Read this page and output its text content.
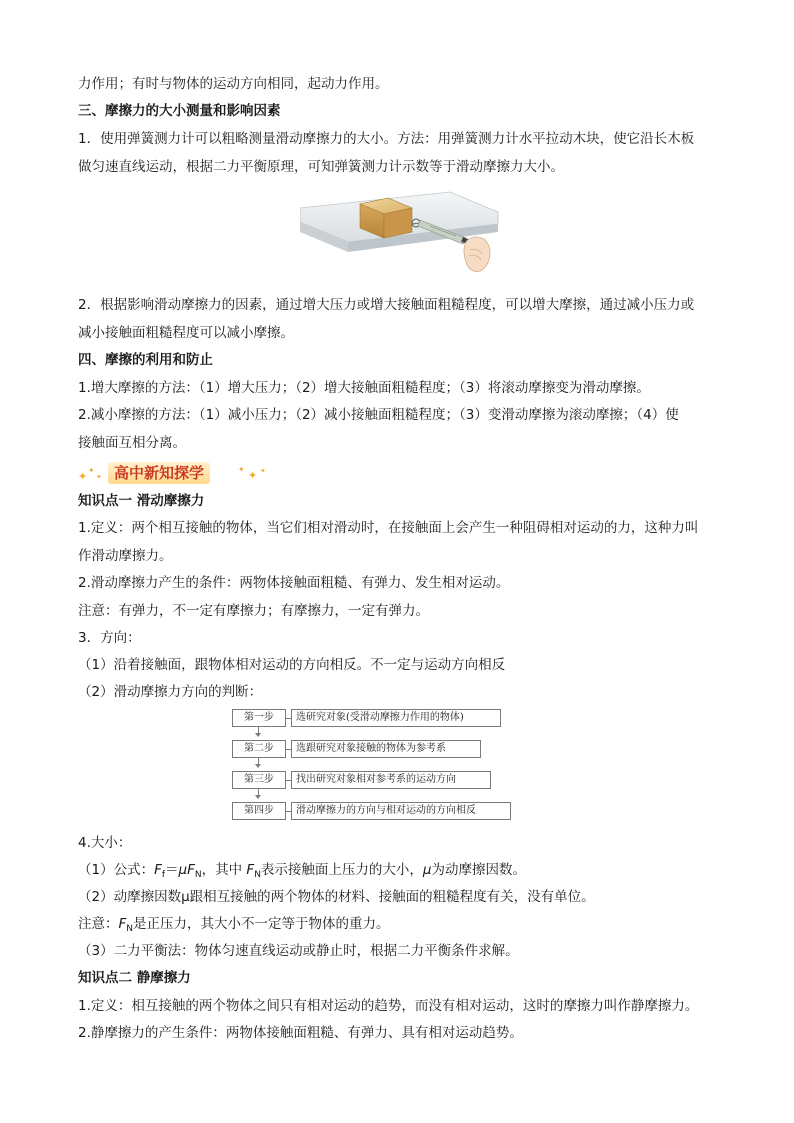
力作用；有时与物体的运动方向相同，起动力作用。
三、摩擦力的大小测量和影响因素
1．使用弹簧测力计可以粗略测量滑动摩擦力的大小。方法：用弹簧测力计水平拉动木块，使它沿长木板
做匀速直线运动，根据二力平衡原理，可知弹簧测力计示数等于滑动摩擦力大小。
2．根据影响滑动摩擦力的因素，通过增大压力或增大接触面粗糙程度，可以增大摩擦，通过减小压力或
减小接触面粗糙程度可以减小摩擦。
四、摩擦的利用和防止
1.增大摩擦的方法：（1）增大压力；（2）增大接触面粗糙程度；（3）将滚动摩擦变为滑动摩擦。
2.减小摩擦的方法：（1）减小压力；（2）减小接触面粗糙程度；（3）变滑动摩擦为滚动摩擦；（4）使
接触面互相分离。
✦ ✦
✦ 高中新知探学	✦ ✦ ✦
知识点一 滑动摩擦力
1.定义：两个相互接触的物体，当它们相对滑动时，在接触面上会产生一种阻碍相对运动的力，这种力叫
作滑动摩擦力。
2.滑动摩擦力产生的条件：两物体接触面粗糙、有弹力、发生相对运动。
注意：有弹力，不一定有摩擦力；有摩擦力，一定有弹力。
3．方向：
（1）沿着接触面，跟物体相对运动的方向相反。不一定与运动方向相反
（2）滑动摩擦力方向的判断：
第一步	选研究对象(受滑动摩擦力作用的物体)
第二步	选跟研究对象接触的物体为参考系
第三步	找出研究对象相对参考系的运动方向
第四步	滑动摩擦力的方向与相对运动的方向相反
4.大小：
（1）公式：$F_f=\mu F_N$，其中 $F_N$表示接触面上压力的大小，μ为动摩擦因数。
（2）动摩擦因数μ跟相互接触的两个物体的材料、接触面的粗糙程度有关，没有单位。
注意：$F_N$是正压力，其大小不一定等于物体的重力。
（3）二力平衡法：物体匀速直线运动或静止时，根据二力平衡条件求解。
知识点二 静摩擦力
1.定义：相互接触的两个物体之间只有相对运动的趋势，而没有相对运动，这时的摩擦力叫作静摩擦力。
2.静摩擦力的产生条件：两物体接触面粗糙、有弹力、具有相对运动趋势。
